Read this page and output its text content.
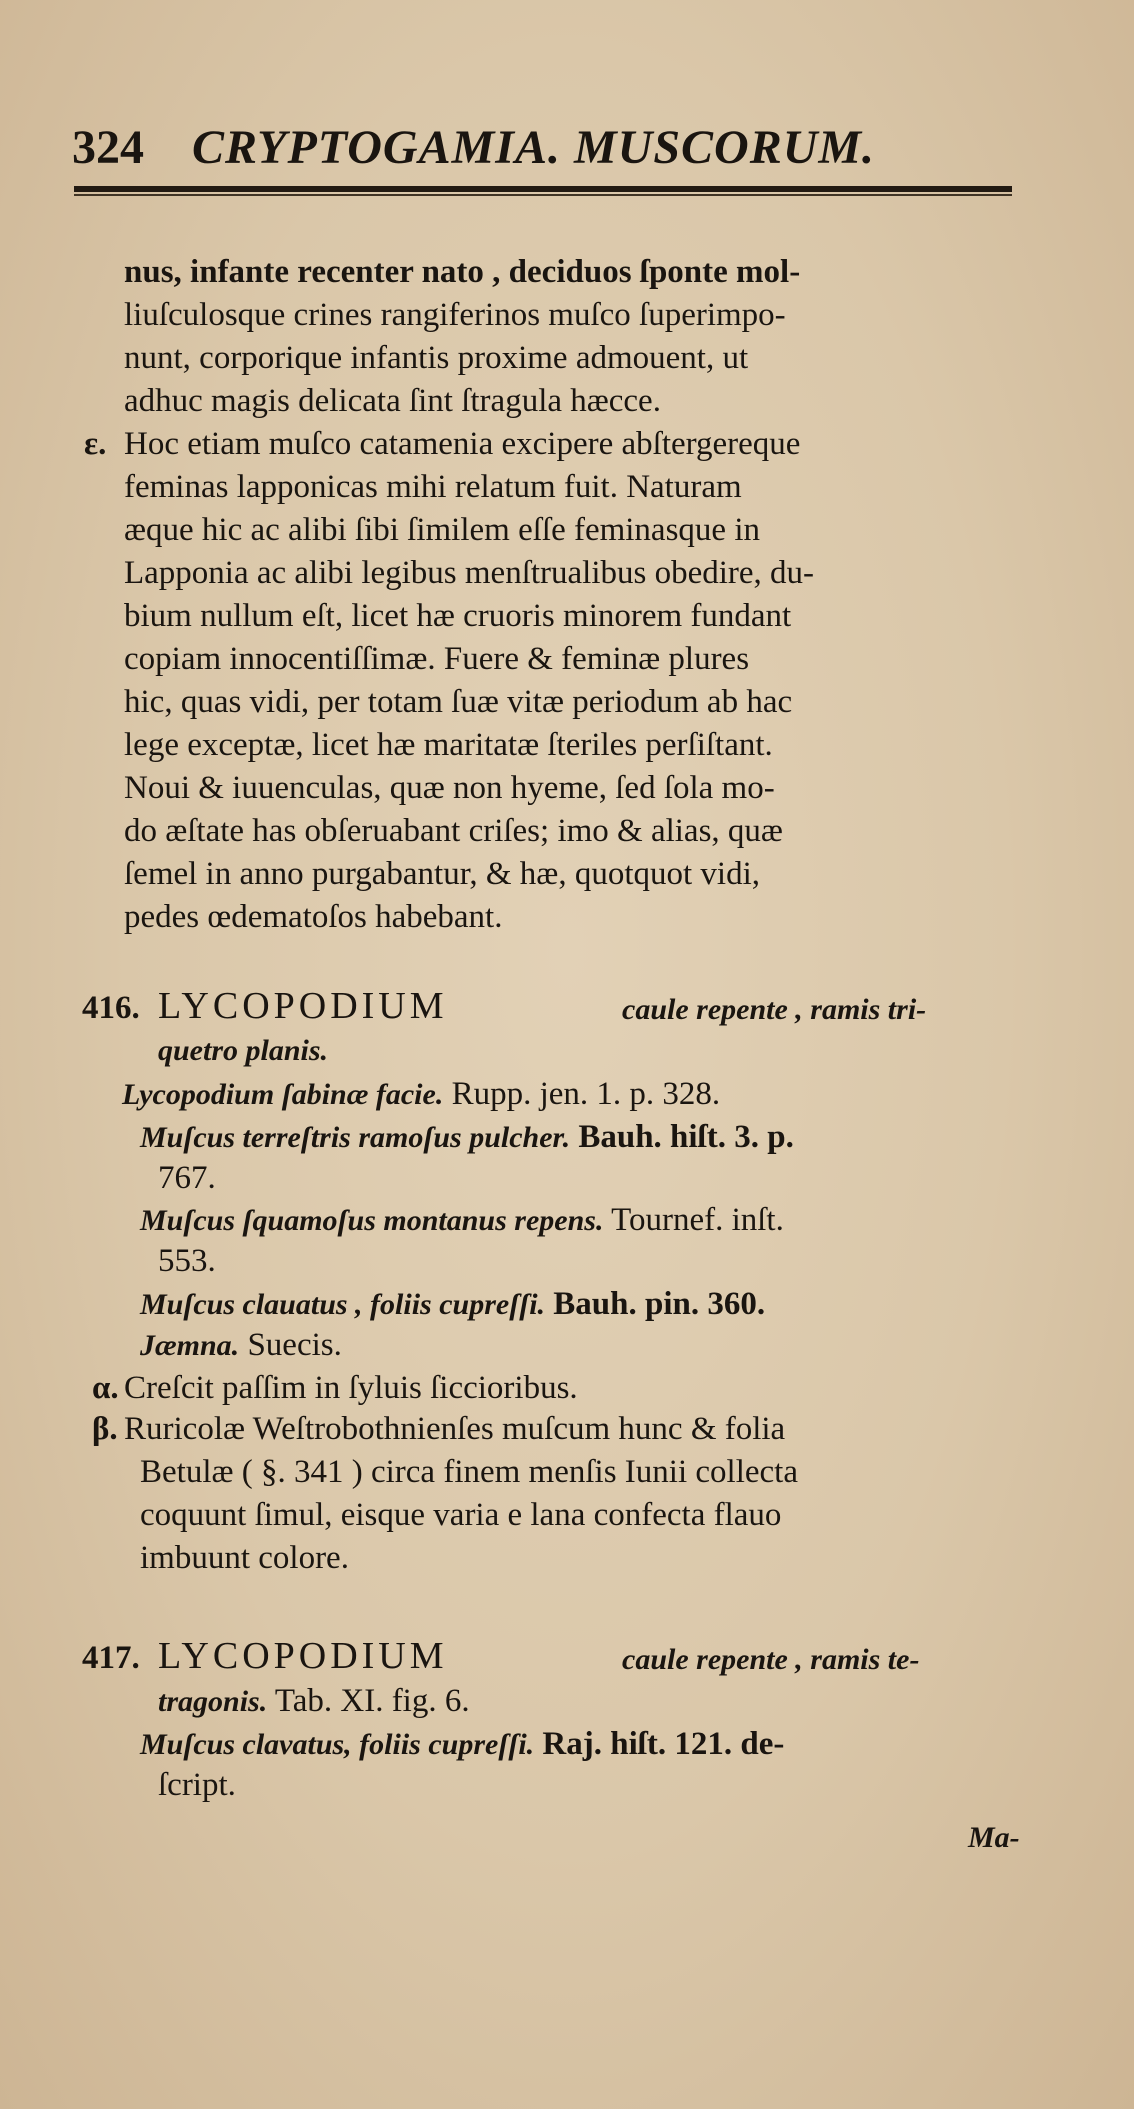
324 CRYPTOGAMIA. MUSCORUM.
nus, infante recenter nato , deciduos ſponte mol-
liuſculosque crines rangiferinos muſco ſuperimpo-
nunt, corporique infantis proxime admouent, ut
adhuc magis delicata ſint ſtragula hæcce.
ε. Hoc etiam muſco catamenia excipere abſtergereque
feminas lapponicas mihi relatum fuit. Naturam
æque hic ac alibi ſibi ſimilem eſſe feminasque in
Lapponia ac alibi legibus menſtrualibus obedire, du-
bium nullum eſt, licet hæ cruoris minorem fundant
copiam innocentiſſimæ. Fuere & feminæ plures
hic, quas vidi, per totam ſuæ vitæ periodum ab hac
lege exceptæ, licet hæ maritatæ ſteriles perſiſtant.
Noui & iuuenculas, quæ non hyeme, ſed ſola mo-
do æſtate has obſeruabant criſes; imo & alias, quæ
ſemel in anno purgabantur, & hæ, quotquot vidi,
pedes œdematoſos habebant.
416. LYCOPODIUM	caule repente , ramis tri-
quetro planis.
Lycopodium ſabinæ facie. Rupp. jen. 1. p. 328.
Muſcus terreſtris ramoſus pulcher. Bauh. hiſt. 3. p.
767.
Muſcus ſquamoſus montanus repens. Tournef. inſt.
553.
Muſcus clauatus , foliis cupreſſi. Bauh. pin. 360.
Jæmna. Suecis.
α. Creſcit paſſim in ſyluis ſiccioribus.
β. Ruricolæ Weſtrobothnienſes muſcum hunc & folia
Betulæ ( §. 341 ) circa finem menſis Iunii collecta
coquunt ſimul, eisque varia e lana confecta flauo
imbuunt colore.
417. LYCOPODIUM	caule repente , ramis te-
tragonis. Tab. XI. fig. 6.
Muſcus clavatus, foliis cupreſſi. Raj. hiſt. 121. de-
ſcript.
Ma-
